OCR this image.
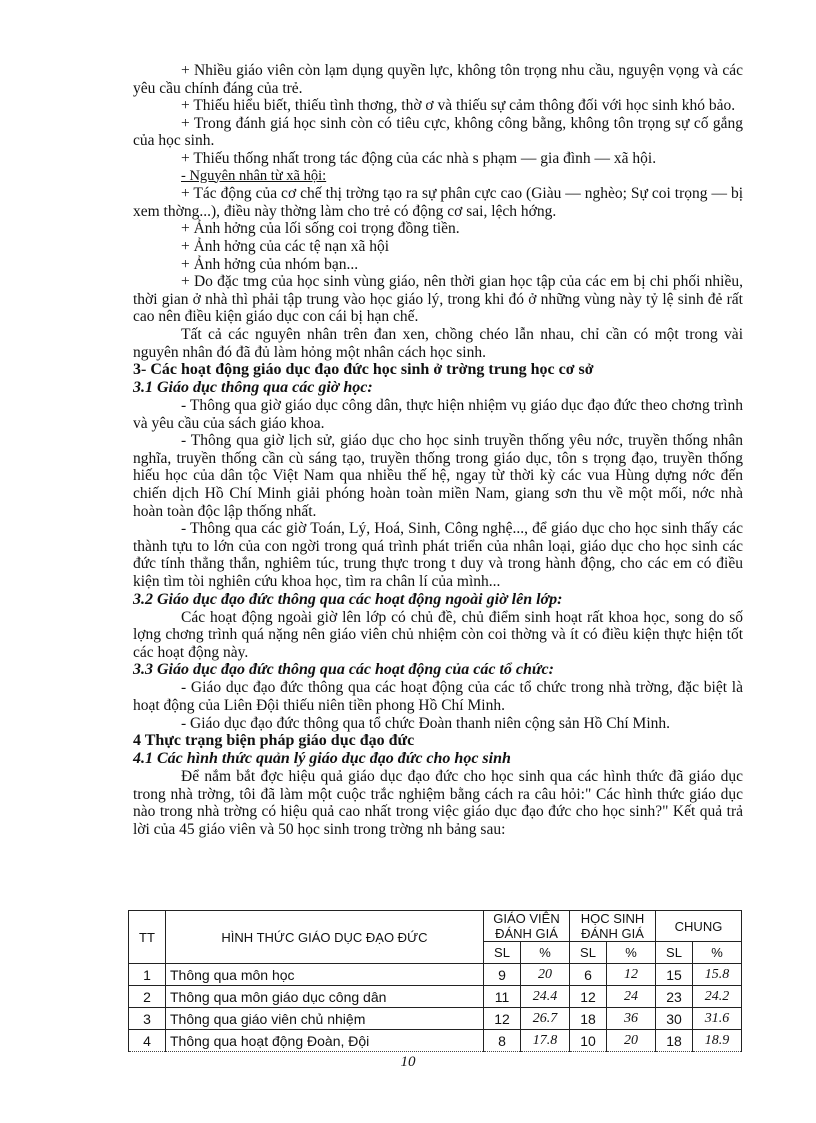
+ Nhiều giáo viên còn lạm dụng quyền lực, không tôn trọng nhu cầu, nguyện vọng và các yêu cầu chính đáng của trẻ.

+ Thiếu hiểu biết, thiếu tình thơng, thờ ơ và thiếu sự cảm thông đối với học sinh khó bảo.

+ Trong đánh giá học sinh còn có tiêu cực, không công bằng, không tôn trọng sự cố gắng của học sinh.

+ Thiếu thống nhất trong tác động của các nhà s phạm — gia đình — xã hội.

- Nguyên nhân từ xã hội:

+ Tác động của cơ chế thị trờng tạo ra sự phân cực cao (Giàu — nghèo; Sự coi trọng — bị xem thờng...), điều này thờng làm cho trẻ có động cơ sai, lệch hớng.

+ Ảnh hởng của lối sống coi trọng đồng tiền.

+ Ảnh hởng của các tệ nạn xã hội

+ Ảnh hởng của nhóm bạn...

+ Do đặc tmg của học sinh vùng giáo, nên thời gian học tập của các em bị chi phối nhiều, thời gian ở nhà thì phải tập trung vào học giáo lý, trong khi đó ở những vùng này tỷ lệ sinh đẻ rất cao nên điều kiện giáo dục con cái bị hạn chế.

Tất cả các nguyên nhân trên đan xen, chồng chéo lẫn nhau, chỉ cần có một trong vài nguyên nhân đó đã đủ làm hỏng một nhân cách học sinh.

3- Các hoạt động giáo dục đạo đức học sinh ở trờng trung học cơ sở

3.1 Giáo dục thông qua các giờ học:

- Thông qua giờ giáo dục công dân, thực hiện nhiệm vụ giáo dục đạo đức theo chơng trình và yêu cầu của sách giáo khoa.

- Thông qua giờ lịch sử, giáo dục cho học sinh truyền thống yêu nớc, truyền thống nhân nghĩa, truyền thống cần cù sáng tạo, truyền thống trong giáo dục, tôn s trọng đạo, truyền thống hiếu học của dân tộc Việt Nam qua nhiều thế hệ, ngay từ thời kỳ các vua Hùng dựng nớc đến chiến dịch Hồ Chí Minh giải phóng hoàn toàn miền Nam, giang sơn thu về một mối, nớc nhà hoàn toàn độc lập thống nhất.

- Thông qua các giờ Toán, Lý, Hoá, Sinh, Công nghệ..., để giáo dục cho học sinh thấy các thành tựu to lớn của con ngời trong quá trình phát triển của nhân loại, giáo dục cho học sinh các đức tính thẳng thắn, nghiêm túc, trung thực trong t duy và trong hành động, cho các em có điều kiện tìm tòi nghiên cứu khoa học, tìm ra chân lí của mình...

3.2 Giáo dục đạo đức thông qua các hoạt động ngoài giờ lên lớp:

Các hoạt động ngoài giờ lên lớp có chủ đề, chủ điểm sinh hoạt rất khoa học, song do số lợng chơng trình quá nặng nên giáo viên chủ nhiệm còn coi thờng và ít có điều kiện thực hiện tốt các hoạt động này.

3.3 Giáo dục đạo đức thông qua các hoạt động của các tổ chức:

- Giáo dục đạo đức thông qua các hoạt động của các tổ chức trong nhà trờng, đặc biệt là hoạt động của Liên Đội thiếu niên tiền phong Hồ Chí Minh.

- Giáo dục đạo đức thông qua tổ chức Đoàn thanh niên cộng sản Hồ Chí Minh.

4 Thực trạng biện pháp giáo dục đạo đức

4.1 Các hình thức quản lý giáo dục đạo đức cho học sinh

Để nắm bắt đợc hiệu quả giáo dục đạo đức cho học sinh qua các hình thức đã giáo dục trong nhà trờng, tôi đã làm một cuộc trắc nghiệm bằng cách ra câu hỏi:" Các hình thức giáo dục nào trong nhà trờng có hiệu quả cao nhất trong việc giáo dục đạo đức cho học sinh?" Kết quả trả lời của 45 giáo viên và 50 học sinh trong trờng nh bảng sau:

TT	HÌNH THỨC GIÁO DỤC ĐẠO ĐỨC	GIÁO VIÊN ĐÁNH GIÁ		HỌC SINH ĐÁNH GIÁ		CHUNG	
		SL	%	SL	%	SL	%
1	Thông qua môn học	9	20	6	12	15	15.8
2	Thông qua môn giáo dục công dân	11	24.4	12	24	23	24.2
3	Thông qua giáo viên chủ nhiệm	12	26.7	18	36	30	31.6
4	Thông qua hoạt động Đoàn, Đội	8	17.8	10	20	18	18.9
10
